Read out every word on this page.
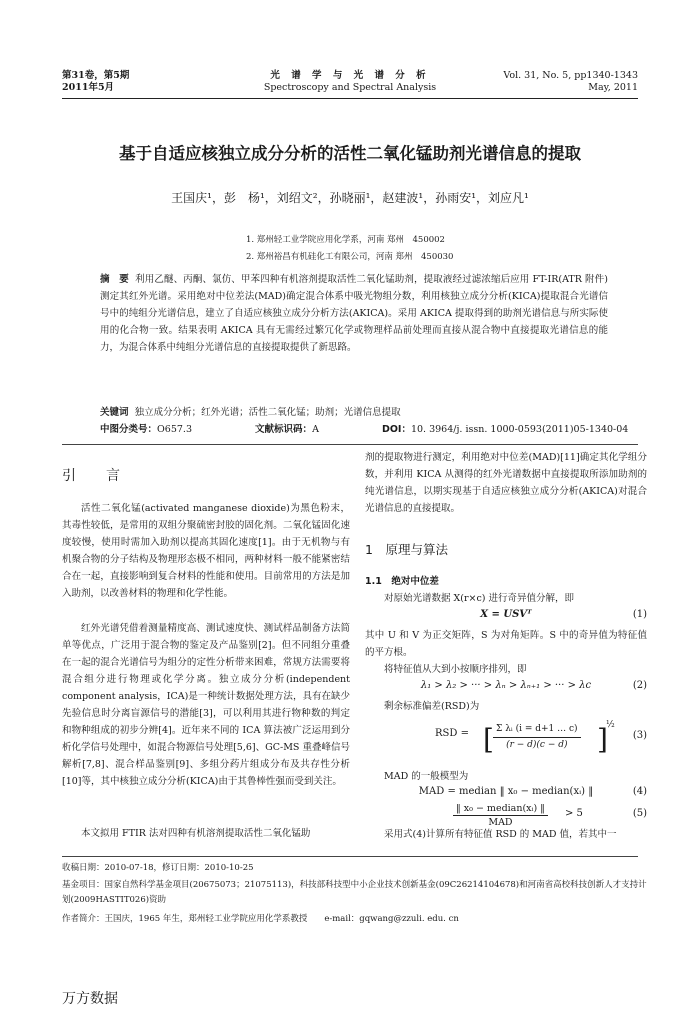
第31卷，第5期
2011年5月
光 谱 学 与 光 谱 分 析
Spectroscopy and Spectral Analysis
Vol. 31, No. 5, pp1340-1343
May, 2011
基于自适应核独立成分分析的活性二氧化锰助剂光谱信息的提取
王国庆¹，彭　杨¹，刘绍文²，孙晓丽¹，赵建波¹，孙雨安¹，刘应凡¹
1. 郑州轻工业学院应用化学系，河南 郑州　450002
2. 郑州裕昌有机硅化工有限公司，河南 郑州　450030
摘　要 利用乙醚、丙酮、氯仿、甲苯四种有机溶剂提取活性二氧化锰助剂，提取液经过滤浓缩后应用 FT-IR(ATR 附件)测定其红外光谱。采用绝对中位差法(MAD)确定混合体系中吸光物组分数，利用核独立成分分析(KICA)提取混合光谱信号中的纯组分光谱信息，建立了自适应核独立成分分析方法(AKICA)。采用 AKICA 提取得到的助剂光谱信息与所实际使用的化合物一致。结果表明 AKICA 具有无需经过繁冗化学或物理样品前处理而直接从混合物中直接提取光谱信息的能力，为混合体系中纯组分光谱信息的直接提取提供了新思路。
关键词 独立成分分析；红外光谱；活性二氧化锰；助剂；光谱信息提取
中图分类号：O657.3	文献标识码：A	DOI：10. 3964/j. issn. 1000-0593(2011)05-1340-04
引　言
活性二氧化锰(activated manganese dioxide)为黑色粉末，其毒性较低，是常用的双组分聚硫密封胶的固化剂。二氧化锰固化速度较慢，使用时需加入助剂以提高其固化速度[1]。由于无机物与有机聚合物的分子结构及物理形态极不相同，两种材料一般不能紧密结合在一起，直接影响到复合材料的性能和使用。目前常用的方法是加入助剂，以改善材料的物理和化学性能。
红外光谱凭借着测量精度高、测试速度快、测试样品制备方法简单等优点，广泛用于混合物的鉴定及产品鉴别[2]。但不同组分重叠在一起的混合光谱信号为组分的定性分析带来困难，常规方法需要将混合组分进行物理或化学分离。独立成分分析(independent component analysis，ICA)是一种统计数据处理方法，具有在缺少先验信息时分离盲源信号的潜能[3]，可以利用其进行物种数的判定和物种组成的初步分辨[4]。近年来不同的 ICA 算法被广泛运用到分析化学信号处理中，如混合物源信号处理[5,6]、GC-MS 重叠峰信号解析[7,8]、混合样品鉴别[9]、多组分药片组成分布及共存性分析[10]等，其中核独立成分分析(KICA)由于其鲁棒性强而受到关注。
本文拟用 FTIR 法对四种有机溶剂提取活性二氧化锰助
剂的提取物进行测定，利用绝对中位差(MAD)[11]确定其化学组分数，并利用 KICA 从测得的红外光谱数据中直接提取所添加助剂的纯光谱信息，以期实现基于自适应核独立成分分析(AKICA)对混合光谱信息的直接提取。
1　原理与算法
1.1　绝对中位差
对原始光谱数据 X(r×c) 进行奇异值分解，即
X = USVᵀ	(1)
其中 U 和 V 为正交矩阵，S 为对角矩阵。S 中的奇异值为特征值的平方根。
将特征值从大到小按顺序排列，即
λ₁ > λ₂ > ··· > λₙ > λₙ₊₁ > ··· > λc	(2)
剩余标准偏差(RSD)为
RSD = [ $\frac{\text{Σ λᵢ (i = d+1 … c)}}{(r - d)(c - d)}$ ]
½
(3)
MAD 的一般模型为
MAD = median ‖ x₀ − median(xᵢ) ‖	(4)
‖ x₀ − median(xᵢ) ‖
MAD
> 5	(5)
采用式(4)计算所有特征值 RSD 的 MAD 值，若其中一
收稿日期：2010-07-18，修订日期：2010-10-25
基金项目：国家自然科学基金项目(20675073；21075113)，科技部科技型中小企业技术创新基金(09C26214104678)和河南省高校科技创新人才支持计划(2009HASTIT026)资助
作者简介：王国庆，1965 年生，郑州轻工业学院应用化学系教授　　e-mail：gqwang@zzuli. edu. cn
万方数据
